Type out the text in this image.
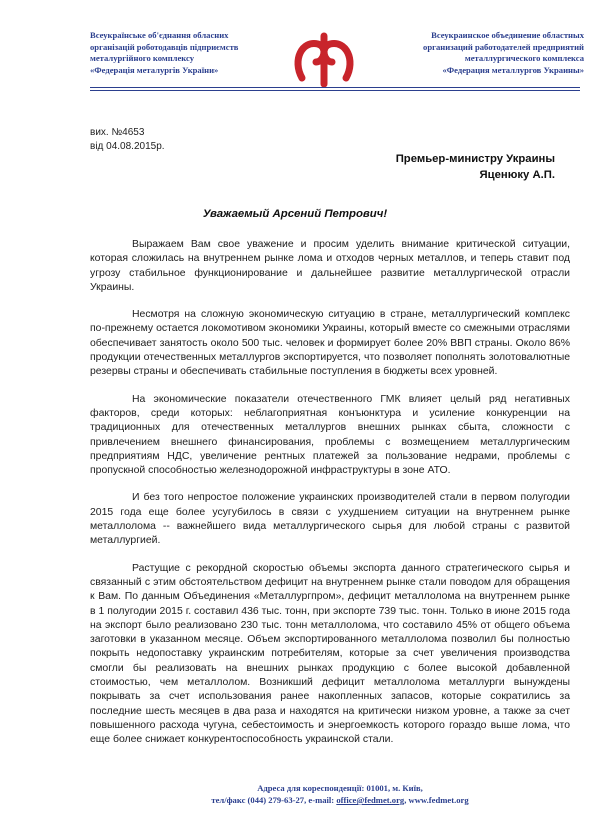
Всеукраїнське об'єднання обласних
організацій роботодавців підприємств
металургійного комплексу
«Федерація металургів України»
Всеукраинское объединение областных
организаций работодателей предприятий
металлургического комплекса
«Федерация металлургов Украины»
вих. №4653
від 04.08.2015р.
Премьер-министру Украины
Яценюку А.П.
Уважаемый Арсений Петрович!

Выражаем Вам свое уважение и просим уделить внимание критической ситуации, которая сложилась на внутреннем рынке лома и отходов черных металлов, и теперь ставит под угрозу стабильное функционирование и дальнейшее развитие металлургической отрасли Украины.

Несмотря на сложную экономическую ситуацию в стране, металлургический комплекс по-прежнему остается локомотивом экономики Украины, который вместе со смежными отраслями обеспечивает занятость около 500 тыс. человек и формирует более 20% ВВП страны. Около 86% продукции отечественных металлургов экспортируется, что позволяет пополнять золотовалютные резервы страны и обеспечивать стабильные поступления в бюджеты всех уровней.

На экономические показатели отечественного ГМК влияет целый ряд негативных факторов, среди которых: неблагоприятная конъюнктура и усиление конкуренции на традиционных для отечественных металлургов внешних рынках сбыта, сложности с привлечением внешнего финансирования, проблемы с возмещением металлургическим предприятиям НДС, увеличение рентных платежей за пользование недрами, проблемы с пропускной способностью железнодорожной инфраструктуры в зоне АТО.

И без того непростое положение украинских производителей стали в первом полугодии 2015 года еще более усугубилось в связи с ухудшением ситуации на внутреннем рынке металлолома -- важнейшего вида металлургического сырья для любой страны с развитой металлургией.

Растущие с рекордной скоростью объемы экспорта данного стратегического сырья и связанный с этим обстоятельством дефицит на внутреннем рынке стали поводом для обращения к Вам. По данным Объединения «Металлургпром», дефицит металлолома на внутреннем рынке в 1 полугодии 2015 г. составил 436 тыс. тонн, при экспорте 739 тыс. тонн. Только в июне 2015 года на экспорт было реализовано 230 тыс. тонн металлолома, что составило 45% от общего объема заготовки в указанном месяце. Объем экспортированного металлолома позволил бы полностью покрыть недопоставку украинским потребителям, которые за счет увеличения производства смогли бы реализовать на внешних рынках продукцию с более высокой добавленной стоимостью, чем металлолом. Возникший дефицит металлолома металлурги вынуждены покрывать за счет использования ранее накопленных запасов, которые сократились за последние шесть месяцев в два раза и находятся на критически низком уровне, а также за счет повышенного расхода чугуна, себестоимость и энергоемкость которого гораздо выше лома, что еще более снижает конкурентоспособность украинской стали.

Адреса для кореспонденції: 01001, м. Київ,
тел/факс (044) 279-63-27, e-mail: office@fedmet.org, www.fedmet.org
